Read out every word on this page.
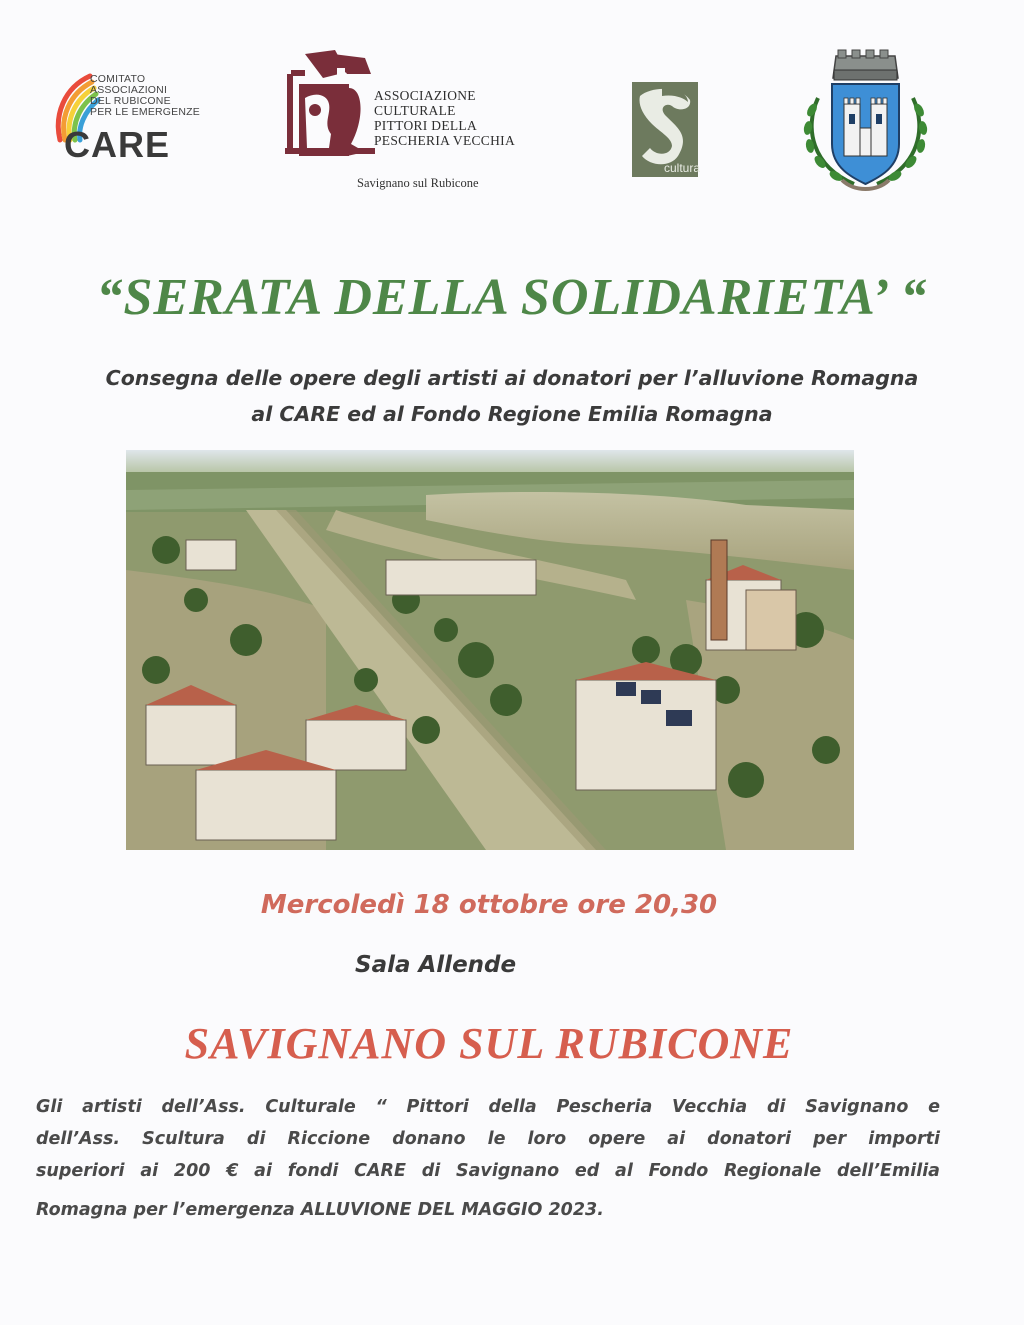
COMITATO
ASSOCIAZIONI
DEL RUBICONE
PER LE EMERGENZE
CARE
ASSOCIAZIONE
CULTURALE
PITTORI DELLA
PESCHERIA VECCHIA
Savignano sul Rubicone
cultura
“SERATA DELLA SOLIDARIETA’ “
Consegna delle opere degli artisti ai donatori per l’alluvione Romagna
al CARE ed al Fondo Regione Emilia Romagna
Mercoledì 18 ottobre ore 20,30
Sala Allende
SAVIGNANO SUL RUBICONE
Gli artisti dell’Ass. Culturale “ Pittori della Pescheria Vecchia di Savignano e
dell’Ass. Scultura di Riccione donano le loro opere ai donatori per importi
superiori ai 200 € ai fondi CARE di Savignano ed al Fondo Regionale dell’Emilia
Romagna per l’emergenza ALLUVIONE DEL MAGGIO 2023.
